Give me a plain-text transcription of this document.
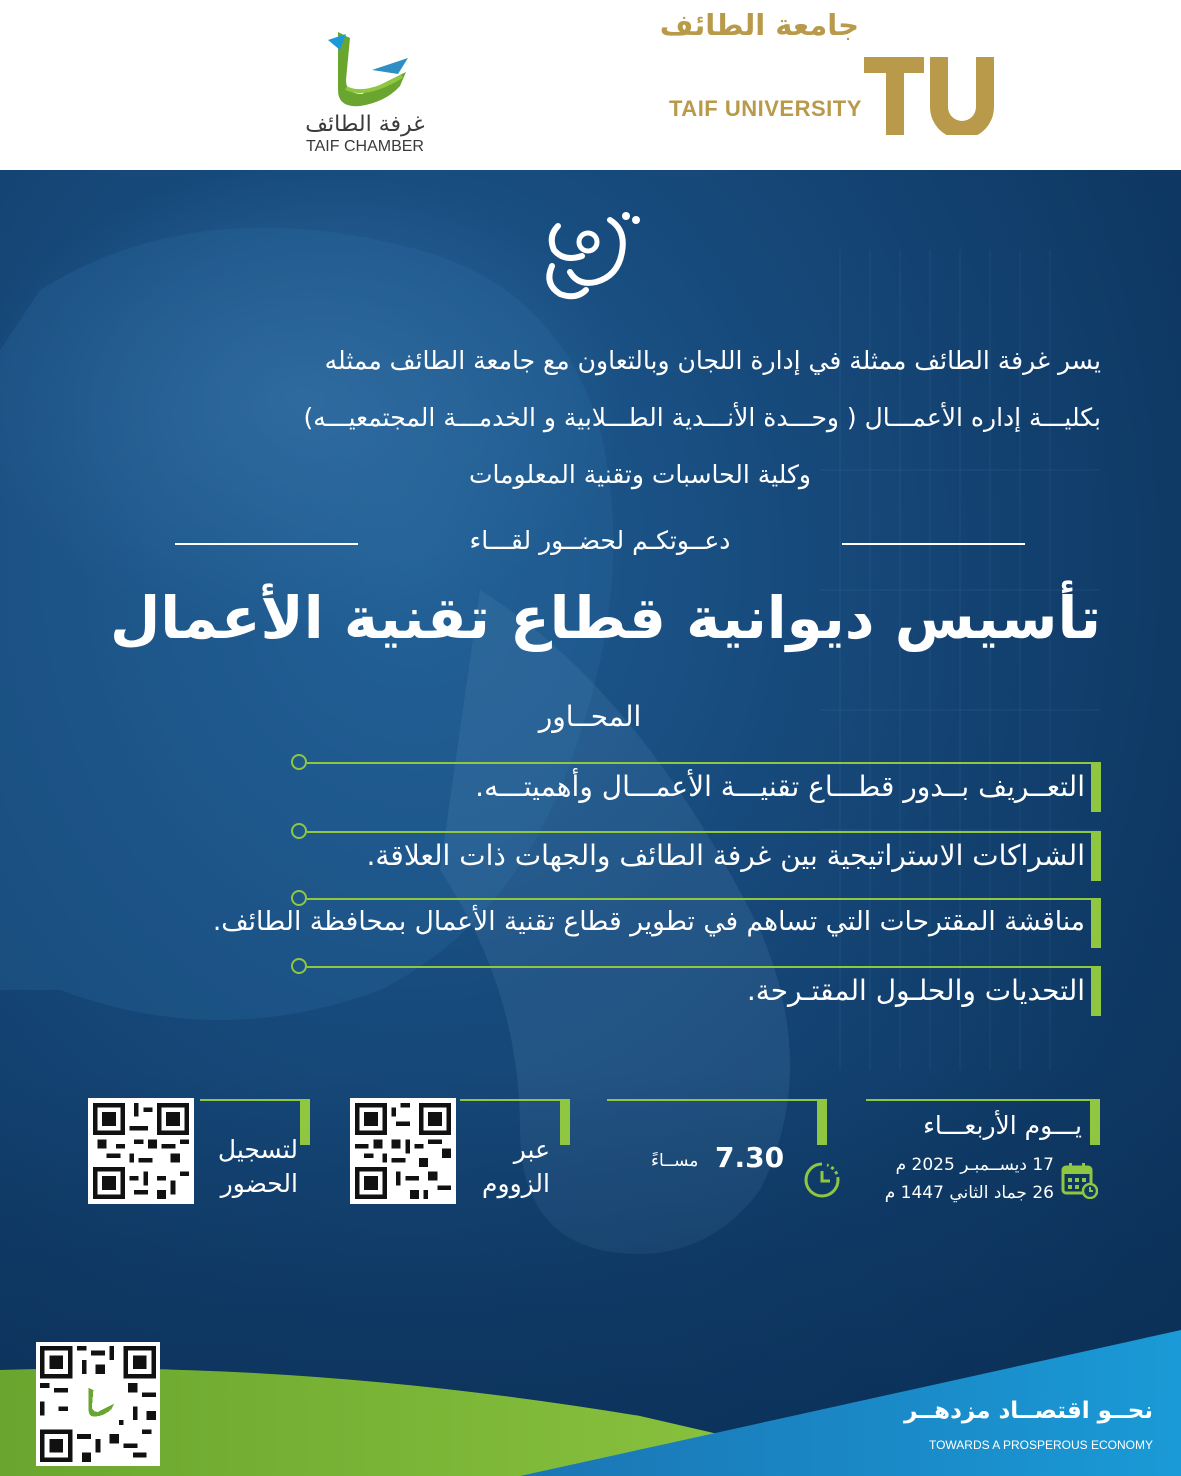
جامعة الطائف
TAIF UNIVERSITY
غرفة الطائف
TAIF CHAMBER

يسر غرفة الطائف ممثلة في إدارة اللجان وبالتعاون مع جامعة الطائف ممثله

بكليـــة إداره الأعمـــال ( وحـــدة الأنـــدية الطـــلابية و الخدمـــة المجتمعيـــه)

وكلية الحاسبات وتقنية المعلومات

دعــوتكـم لحضــور لقـــاء
تأسيس ديوانية قطاع تقنية الأعمال
المحــاور
التعــريف بــدور قطـــاع تقنيـــة الأعمـــال وأهميتـــه.
الشراكات الاستراتيجية بين غرفة الطائف والجهات ذات العلاقة.
مناقشة المقترحات التي تساهم في تطوير قطاع تقنية الأعمال بمحافظة الطائف.
التحديات والحلـول المقتـرحة.
يـــوم الأربعـــاء
17 ديســمبـر 2025 م
26 جماد الثاني 1447 م
7.30
مســاءً
عبر
الزووم
لتسجيل
الحضور
نحــو اقتصــاد مزدهــر
TOWARDS A PROSPEROUS ECONOMY
